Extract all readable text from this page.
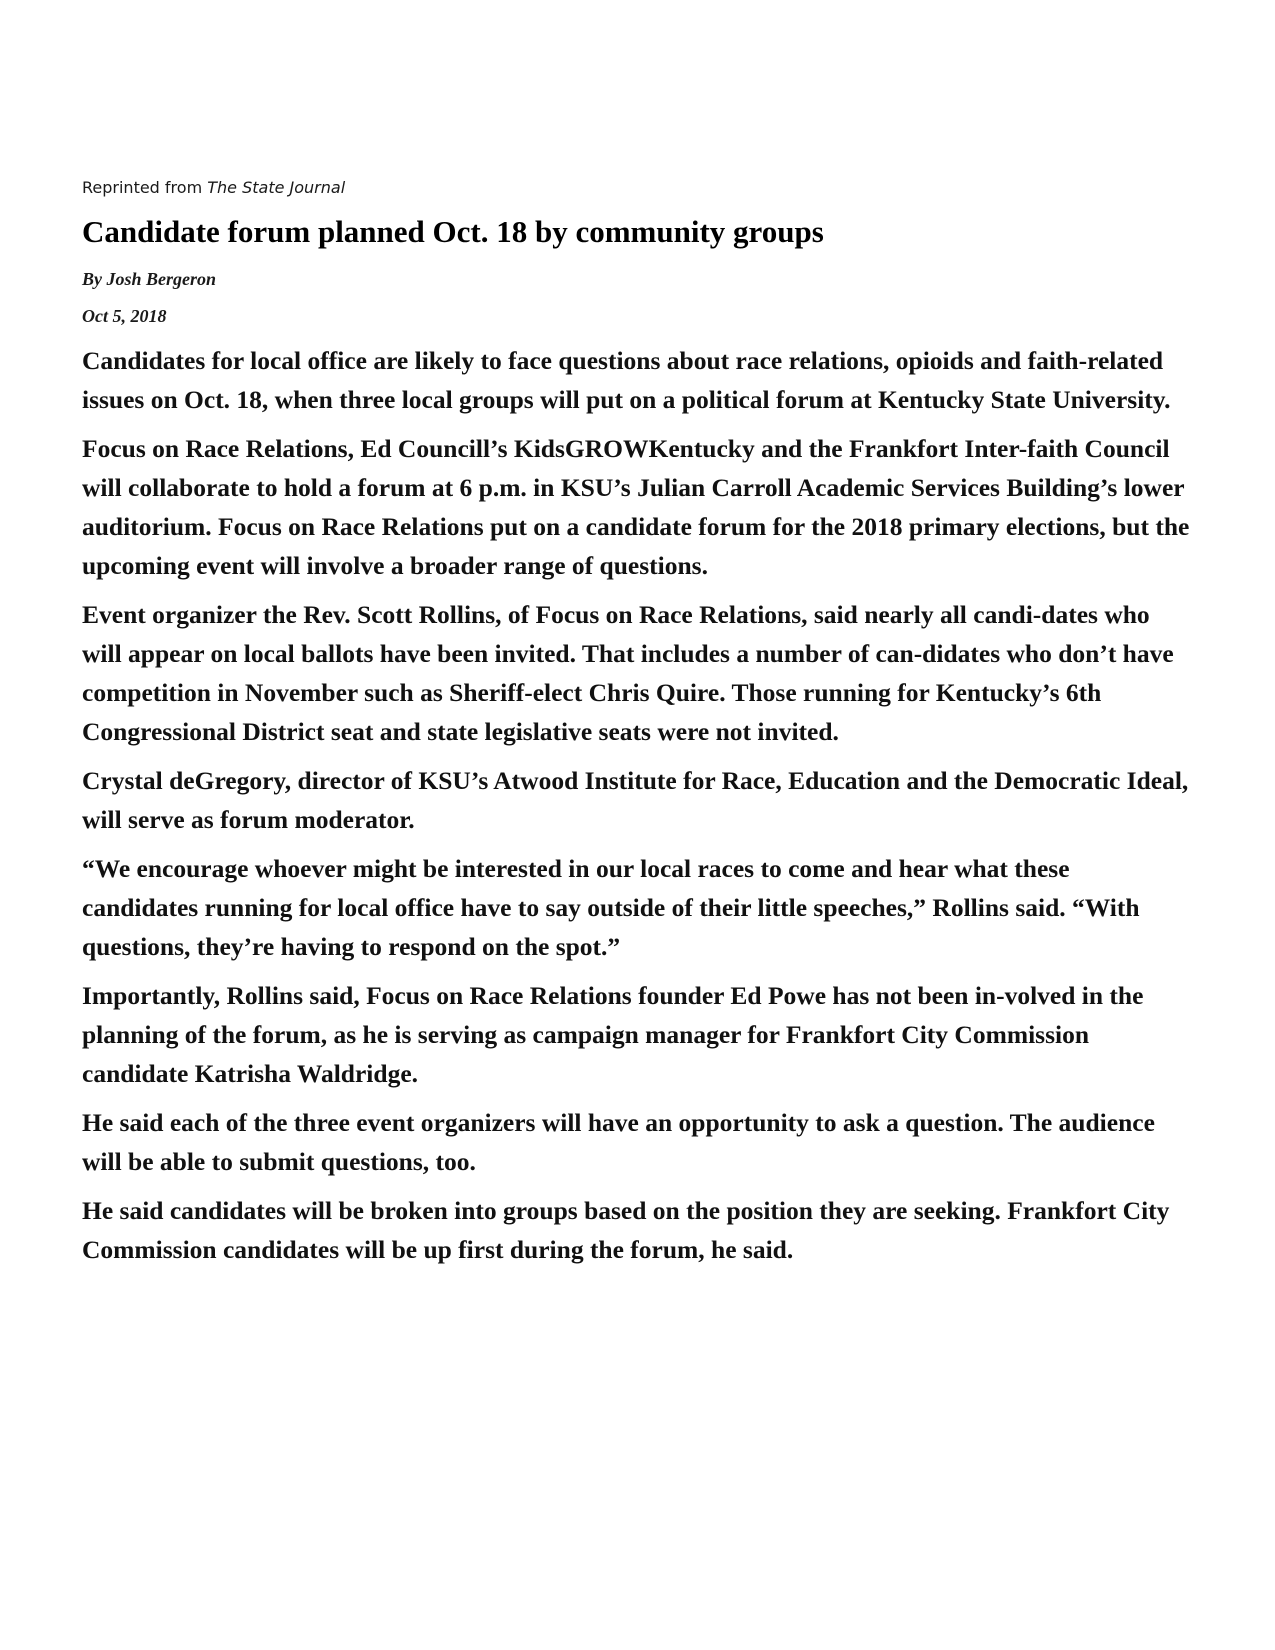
Reprinted from The State Journal

Candidate forum planned Oct. 18 by community groups
By Josh Bergeron
Oct 5, 2018

Candidates for local office are likely to face questions about race relations, opioids and faith-related issues on Oct. 18, when three local groups will put on a political forum at Kentucky State University.

Focus on Race Relations, Ed Councill’s KidsGROWKentucky and the Frankfort Inter-faith Council will collaborate to hold a forum at 6 p.m. in KSU’s Julian Carroll Academic Services Building’s lower auditorium. Focus on Race Relations put on a candidate forum for the 2018 primary elections, but the upcoming event will involve a broader range of questions.

Event organizer the Rev. Scott Rollins, of Focus on Race Relations, said nearly all candi-dates who will appear on local ballots have been invited. That includes a number of can-didates who don’t have competition in November such as Sheriff-elect Chris Quire. Those running for Kentucky’s 6th Congressional District seat and state legislative seats were not invited.

Crystal deGregory, director of KSU’s Atwood Institute for Race, Education and the Democratic Ideal, will serve as forum moderator.

“We encourage whoever might be interested in our local races to come and hear what these candidates running for local office have to say outside of their little speeches,” Rollins said. “With questions, they’re having to respond on the spot.”

Importantly, Rollins said, Focus on Race Relations founder Ed Powe has not been in-volved in the planning of the forum, as he is serving as campaign manager for Frankfort City Commission candidate Katrisha Waldridge.

He said each of the three event organizers will have an opportunity to ask a question. The audience will be able to submit questions, too.

He said candidates will be broken into groups based on the position they are seeking. Frankfort City Commission candidates will be up first during the forum, he said.
